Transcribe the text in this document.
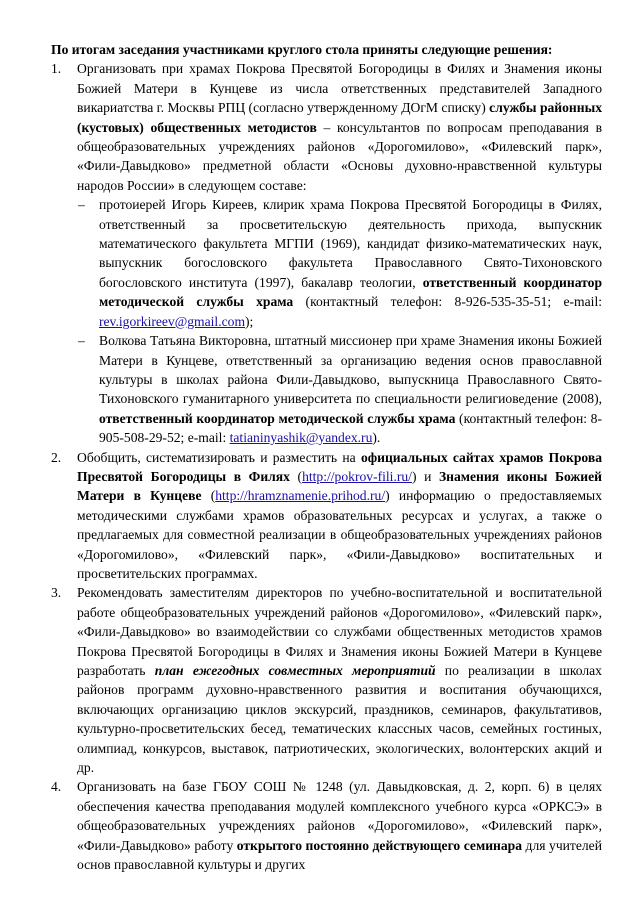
По итогам заседания участниками круглого стола приняты следующие решения:

1. Организовать при храмах Покрова Пресвятой Богородицы в Филях и Знамения иконы Божией Матери в Кунцеве из числа ответственных представителей Западного викариатства г. Москвы РПЦ (согласно утвержденному ДОгМ списку) службы районных (кустовых) общественных методистов – консультантов по вопросам преподавания в общеобразовательных учреждениях районов «Дорогомилово», «Филевский парк», «Фили-Давыдково» предметной области «Основы духовно-нравственной культуры народов России» в следующем составе:
– протоиерей Игорь Киреев, клирик храма Покрова Пресвятой Богородицы в Филях, ответственный за просветительскую деятельность прихода, выпускник математического факультета МГПИ (1969), кандидат физико-математических наук, выпускник богословского факультета Православного Свято-Тихоновского богословского института (1997), бакалавр теологии, ответственный координатор методической службы храма (контактный телефон: 8-926-535-35-51; e-mail: rev.igorkireev@gmail.com);
– Волкова Татьяна Викторовна, штатный миссионер при храме Знамения иконы Божией Матери в Кунцеве, ответственный за организацию ведения основ православной культуры в школах района Фили-Давыдково, выпускница Православного Свято-Тихоновского гуманитарного университета по специальности религиоведение (2008), ответственный координатор методической службы храма (контактный телефон: 8-905-508-29-52; e-mail: tatianinyashik@yandex.ru).
2. Обобщить, систематизировать и разместить на официальных сайтах храмов Покрова Пресвятой Богородицы в Филях (http://pokrov-fili.ru/) и Знамения иконы Божией Матери в Кунцеве (http://hramznamenie.prihod.ru/) информацию о предоставляемых методическими службами храмов образовательных ресурсах и услугах, а также о предлагаемых для совместной реализации в общеобразовательных учреждениях районов «Дорогомилово», «Филевский парк», «Фили-Давыдково» воспитательных и просветительских программах.
3. Рекомендовать заместителям директоров по учебно-воспитательной и воспитательной работе общеобразовательных учреждений районов «Дорогомилово», «Филевский парк», «Фили-Давыдково» во взаимодействии со службами общественных методистов храмов Покрова Пресвятой Богородицы в Филях и Знамения иконы Божией Матери в Кунцеве разработать план ежегодных совместных мероприятий по реализации в школах районов программ духовно-нравственного развития и воспитания обучающихся, включающих организацию циклов экскурсий, праздников, семинаров, факультативов, культурно-просветительских бесед, тематических классных часов, семейных гостиных, олимпиад, конкурсов, выставок, патриотических, экологических, волонтерских акций и др.
4. Организовать на базе ГБОУ СОШ № 1248 (ул. Давыдковская, д. 2, корп. 6) в целях обеспечения качества преподавания модулей комплексного учебного курса «ОРКСЭ» в общеобразовательных учреждениях районов «Дорогомилово», «Филевский парк», «Фили-Давыдково» работу открытого постоянно действующего семинара для учителей основ православной культуры и других
